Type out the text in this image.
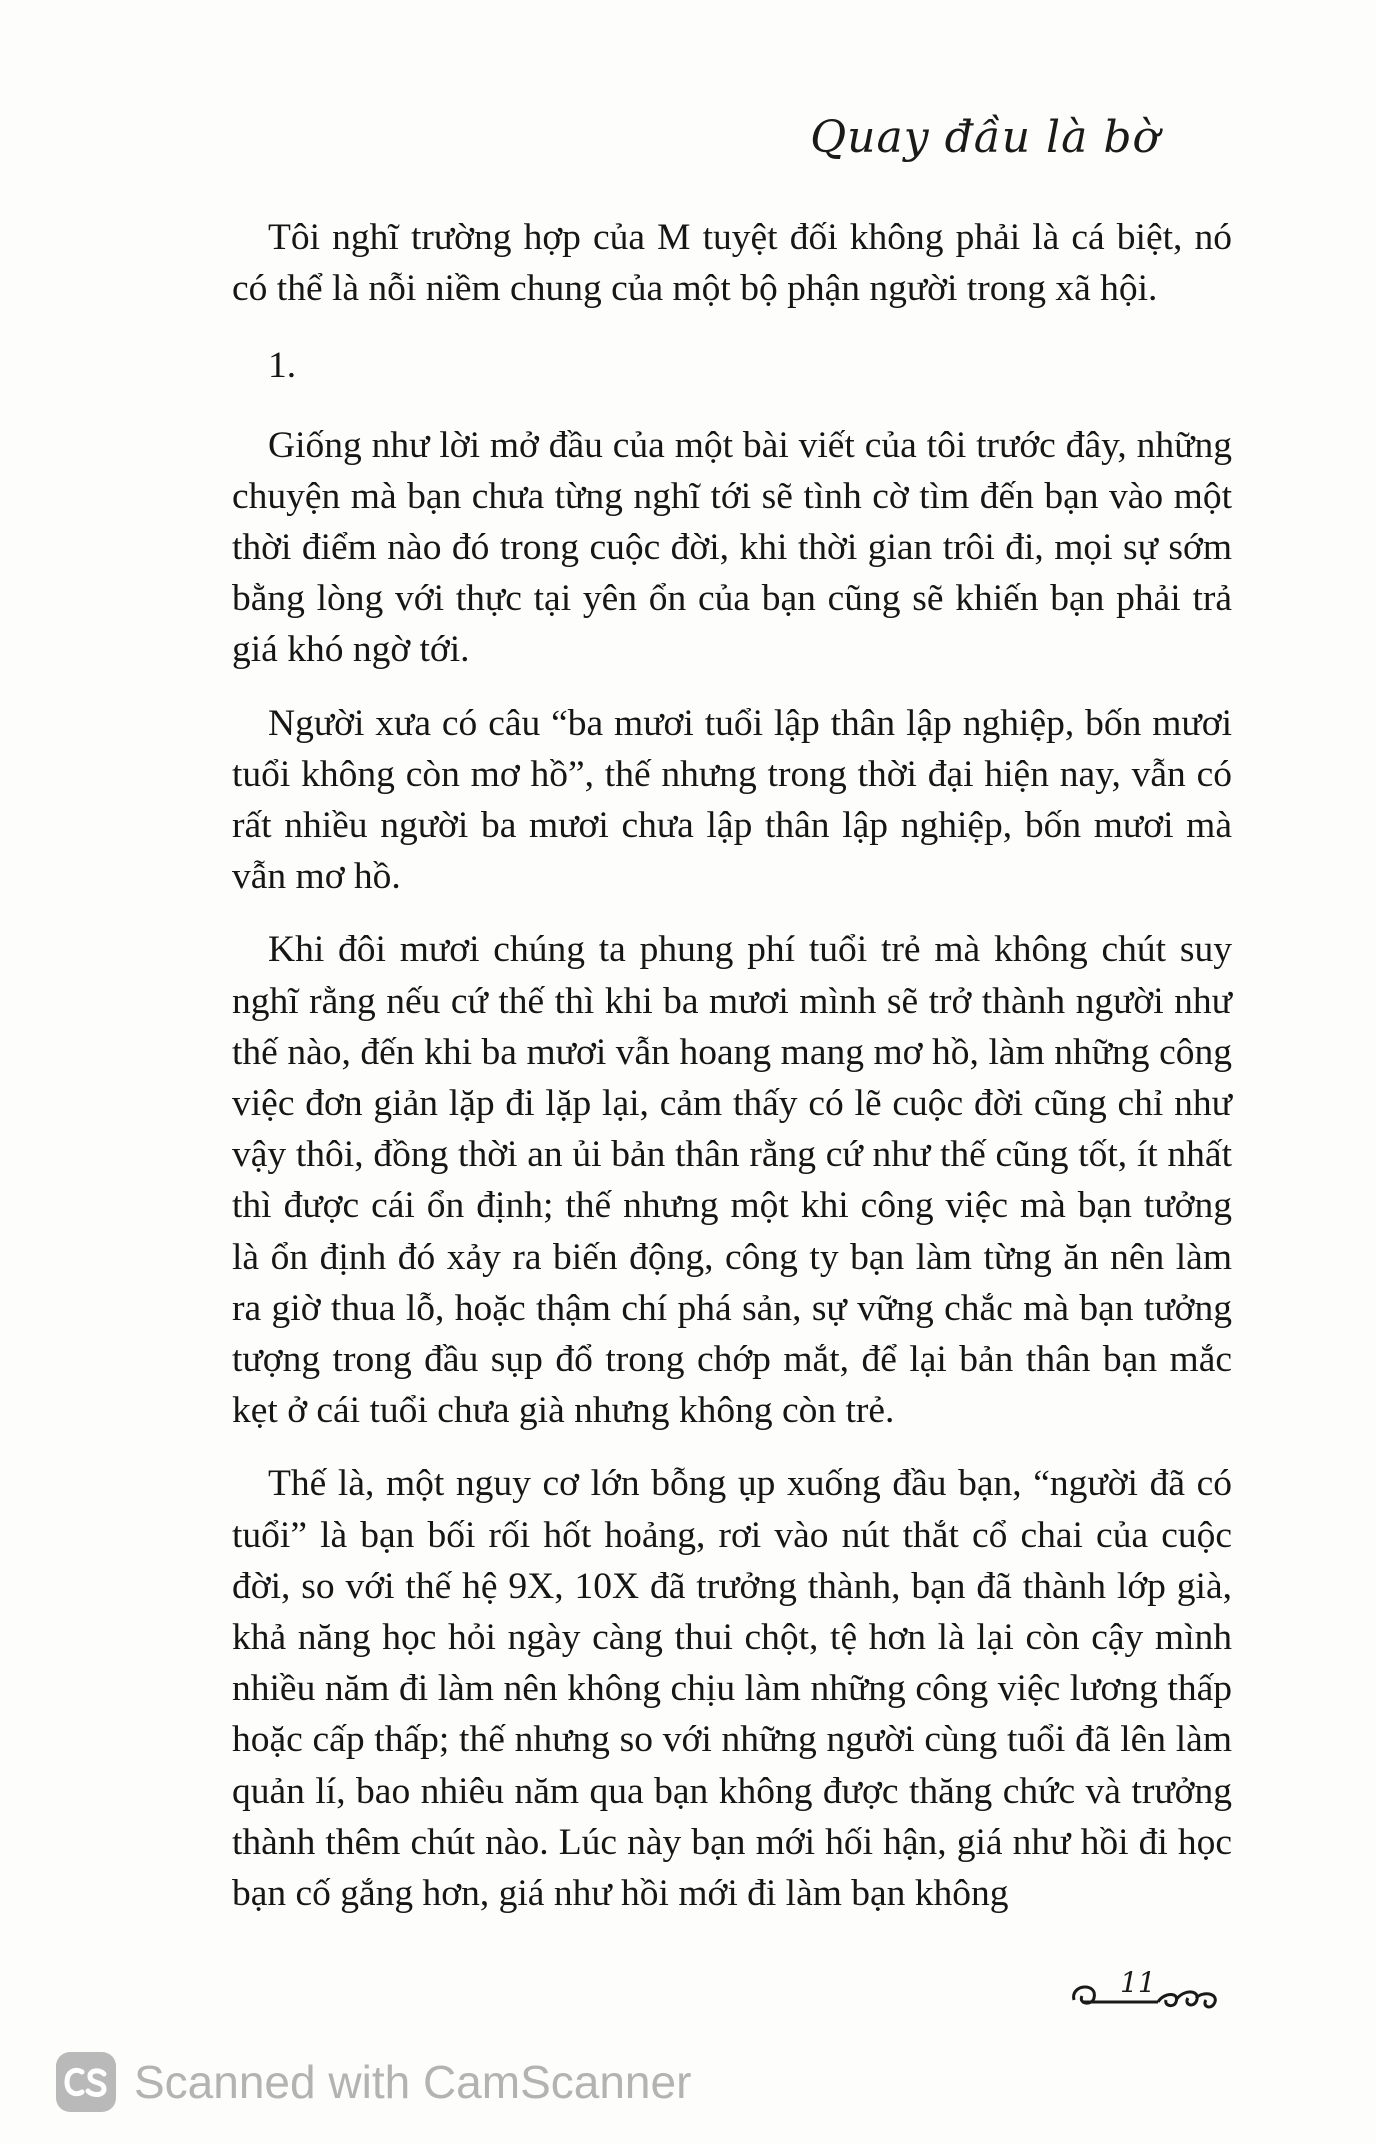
Quay đầu là bờ

Tôi nghĩ trường hợp của M tuyệt đối không phải là cá biệt, nó có thể là nỗi niềm chung của một bộ phận người trong xã hội.

1.

Giống như lời mở đầu của một bài viết của tôi trước đây, những chuyện mà bạn chưa từng nghĩ tới sẽ tình cờ tìm đến bạn vào một thời điểm nào đó trong cuộc đời, khi thời gian trôi đi, mọi sự sớm bằng lòng với thực tại yên ổn của bạn cũng sẽ khiến bạn phải trả giá khó ngờ tới.

Người xưa có câu “ba mươi tuổi lập thân lập nghiệp, bốn mươi tuổi không còn mơ hồ”, thế nhưng trong thời đại hiện nay, vẫn có rất nhiều người ba mươi chưa lập thân lập nghiệp, bốn mươi mà vẫn mơ hồ.

Khi đôi mươi chúng ta phung phí tuổi trẻ mà không chút suy nghĩ rằng nếu cứ thế thì khi ba mươi mình sẽ trở thành người như thế nào, đến khi ba mươi vẫn hoang mang mơ hồ, làm những công việc đơn giản lặp đi lặp lại, cảm thấy có lẽ cuộc đời cũng chỉ như vậy thôi, đồng thời an ủi bản thân rằng cứ như thế cũng tốt, ít nhất thì được cái ổn định; thế nhưng một khi công việc mà bạn tưởng là ổn định đó xảy ra biến động, công ty bạn làm từng ăn nên làm ra giờ thua lỗ, hoặc thậm chí phá sản, sự vững chắc mà bạn tưởng tượng trong đầu sụp đổ trong chớp mắt, để lại bản thân bạn mắc kẹt ở cái tuổi chưa già nhưng không còn trẻ.

Thế là, một nguy cơ lớn bỗng ụp xuống đầu bạn, “người đã có tuổi” là bạn bối rối hốt hoảng, rơi vào nút thắt cổ chai của cuộc đời, so với thế hệ 9X, 10X đã trưởng thành, bạn đã thành lớp già, khả năng học hỏi ngày càng thui chột, tệ hơn là lại còn cậy mình nhiều năm đi làm nên không chịu làm những công việc lương thấp hoặc cấp thấp; thế nhưng so với những người cùng tuổi đã lên làm quản lí, bao nhiêu năm qua bạn không được thăng chức và trưởng thành thêm chút nào. Lúc này bạn mới hối hận, giá như hồi đi học bạn cố gắng hơn, giá như hồi mới đi làm bạn không

11
Scanned with CamScanner
